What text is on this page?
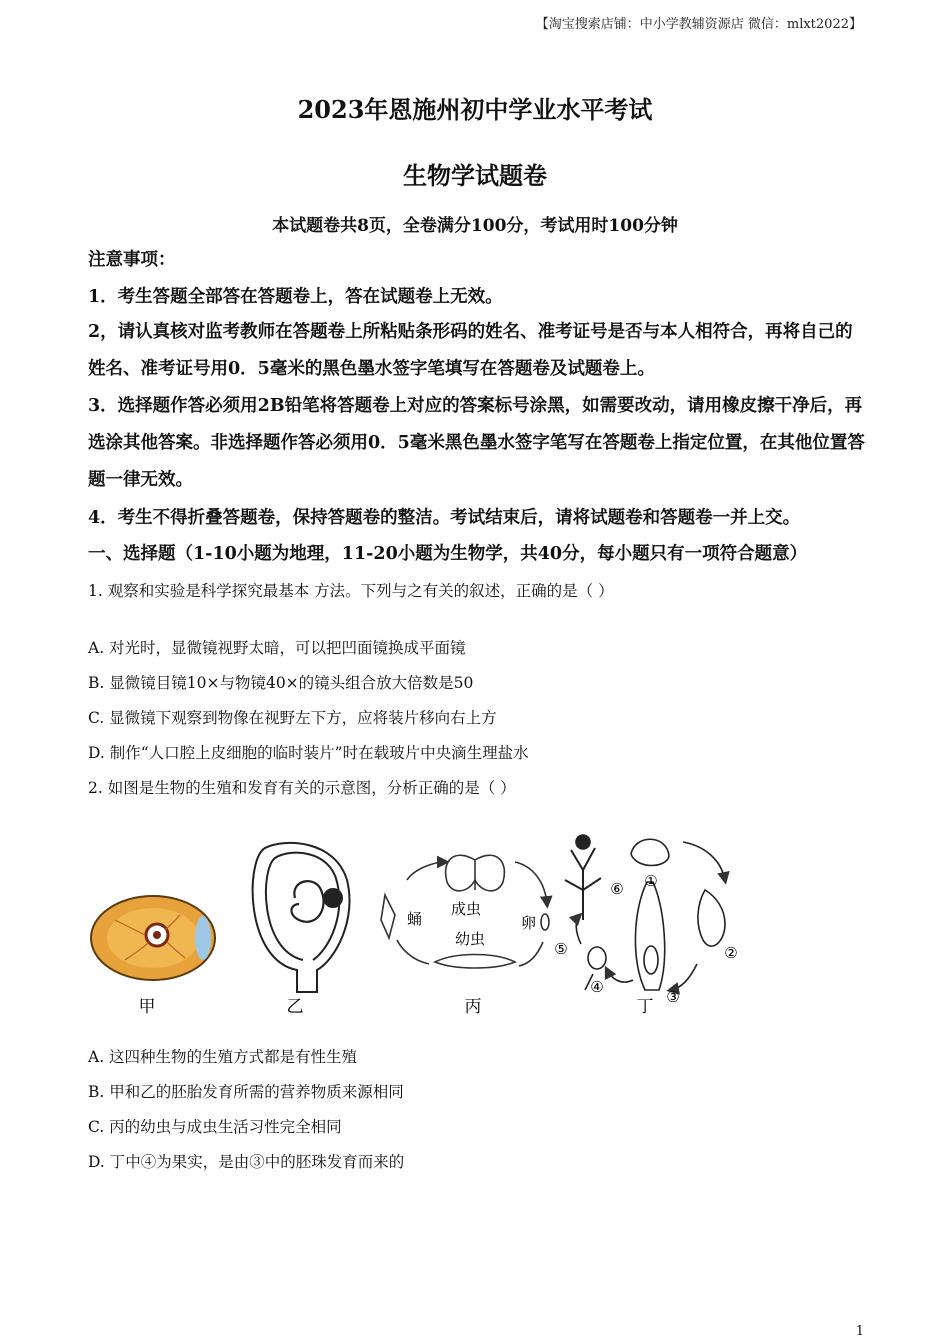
【淘宝搜索店铺：中小学教辅资源店 微信：mlxt2022】
2023年恩施州初中学业水平考试
生物学试题卷
本试题卷共8页，全卷满分100分，考试用时100分钟
注意事项：
1．考生答题全部答在答题卷上，答在试题卷上无效。
2，请认真核对监考教师在答题卷上所粘贴条形码的姓名、准考证号是否与本人相符合，再将自己的姓名、准考证号用0．5毫米的黑色墨水签字笔填写在答题卷及试题卷上。
3．选择题作答必须用2B铅笔将答题卷上对应的答案标号涂黑，如需要改动，请用橡皮擦干净后，再选涂其他答案。非选择题作答必须用0．5毫米黑色墨水签字笔写在答题卷上指定位置，在其他位置答题一律无效。
4．考生不得折叠答题卷，保持答题卷的整洁。考试结束后，请将试题卷和答题卷一并上交。
一、选择题（1-10小题为地理，11-20小题为生物学，共40分，每小题只有一项符合题意）
1. 观察和实验是科学探究最基本 方法。下列与之有关的叙述，正确的是（ ）
A. 对光时，显微镜视野太暗，可以把凹面镜换成平面镜
B. 显微镜目镜10×与物镜40×的镜头组合放大倍数是50
C. 显微镜下观察到物像在视野左下方，应将装片移向右上方
D. 制作“人口腔上皮细胞的临时装片”时在载玻片中央滴生理盐水
2. 如图是生物的生殖和发育有关的示意图，分析正确的是（ ）
甲	乙
蛹
成虫
幼虫
卵
丙
①
②
③
④
⑤
⑥
丁
A. 这四种生物的生殖方式都是有性生殖
B. 甲和乙的胚胎发育所需的营养物质来源相同
C. 丙的幼虫与成虫生活习性完全相同
D. 丁中④为果实，是由③中的胚珠发育而来的
1
